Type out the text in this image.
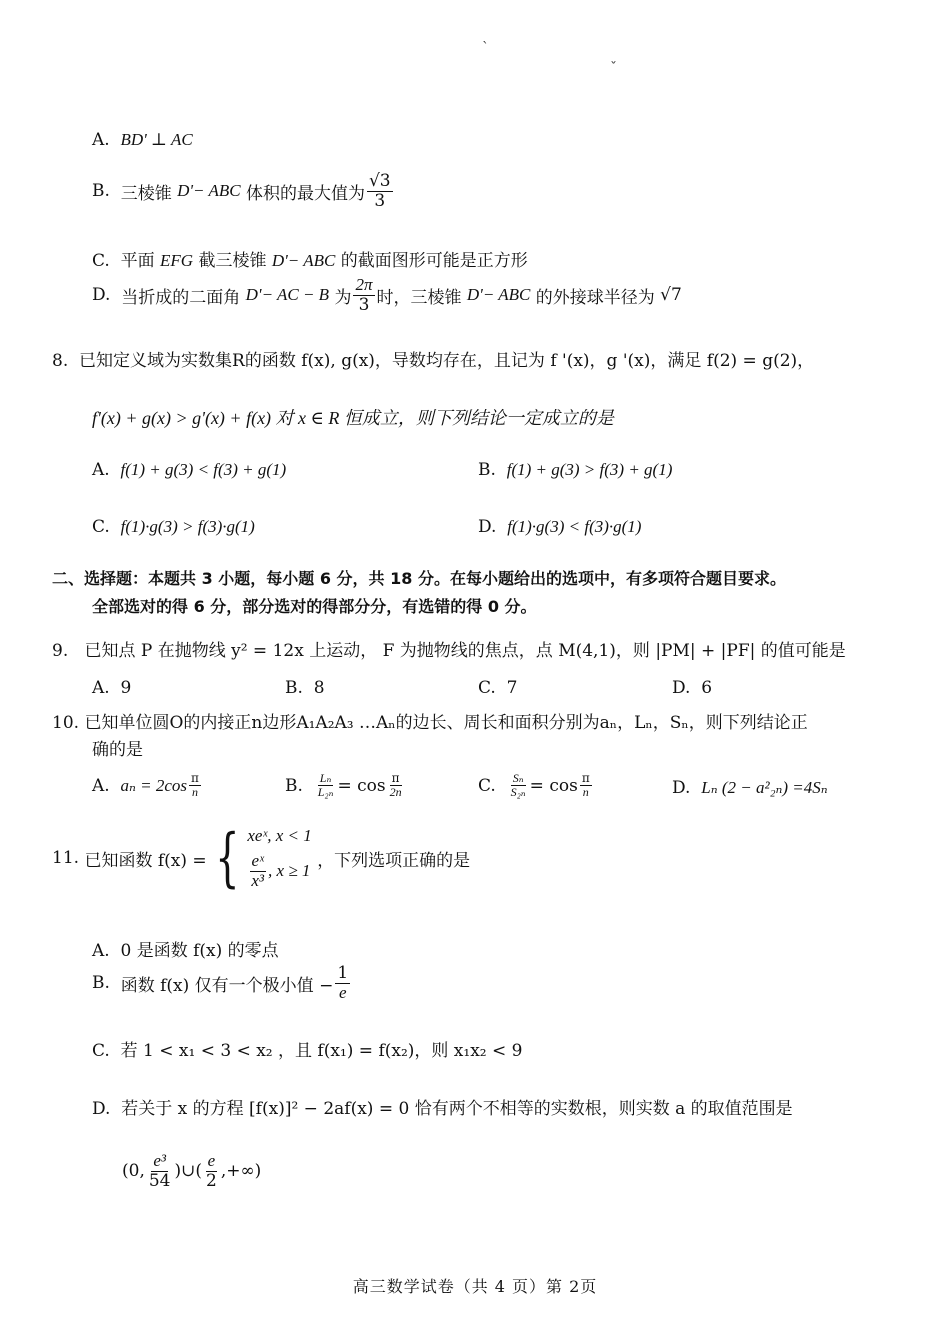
`
ˇ
A. BD' ⊥ AC
B.
三棱锥
D'− ABC
体积的最大值为 $\frac{√3}{3}$
C. 平面 EFG 截三棱锥 D'− ABC 的截面图形可能是正方形
D.
当折成的二面角
D'− AC − B
为 $\frac{2\pi}{3}$ 时，三棱锥
D'− ABC
的外接球半径为
√7
8. 已知定义域为实数集R的函数 f(x), g(x)，导数均存在，且记为 f '(x)，g '(x)，满足 f(2) = g(2)，
f'(x) + g(x) > g'(x) + f(x) 对 x ∈ R 恒成立，则下列结论一定成立的是
A. f(1) + g(3) < f(3) + g(1)	B. f(1) + g(3) > f(3) + g(1)
C. f(1)·g(3) > f(3)·g(1)	D. f(1)·g(3) < f(3)·g(1)
二、选择题：本题共 3 小题，每小题 6 分，共 18 分。在每小题给出的选项中，有多项符合题目要求。
全部选对的得 6 分，部分选对的得部分分，有选错的得 0 分。
9. 已知点 P 在抛物线 y² = 12x 上运动， F 为抛物线的焦点，点 M(4,1)，则 |PM| + |PF| 的值可能是
A. 9	B. 8	C. 7	D. 6
10. 已知单位圆O的内接正n边形A₁A₂A₃ …Aₙ的边长、周长和面积分别为aₙ，Lₙ，Sₙ，则下列结论正
确的是
A.
$a_n = 2\cos \frac{\pi}{n}$	B.
$\frac{\text{Lₙ}}{\text{L₂ₙ}} = \cos \frac{\pi}{2n}$	C.
$\frac{\text{Sₙ}}{\text{S₂ₙ}} = \cos \frac{\pi}{n}$	D. Lₙ (2 − a²₂ₙ) =4Sₙ
11.
已知函数 f(x) = { xeˣ, x < 1
$\frac{\text{eˣ}}{\text{x³}}$ , x ≥ 1
，下列选项正确的是
A. 0 是函数 f(x) 的零点
B.
函数 f(x) 仅有一个极小值 − $\frac{1}{e}$
C. 若 1 < x₁ < 3 < x₂ ，且 f(x₁) = f(x₂)，则 x₁x₂ < 9
D. 若关于 x 的方程 [f(x)]² − 2af(x) = 0 恰有两个不相等的实数根，则实数 a 的取值范围是
(0, $\frac{\text{e³}}{54}$ )∪( $\frac{e}{2}$ ,+∞)
高三数学试卷（共 4 页）第 2页
